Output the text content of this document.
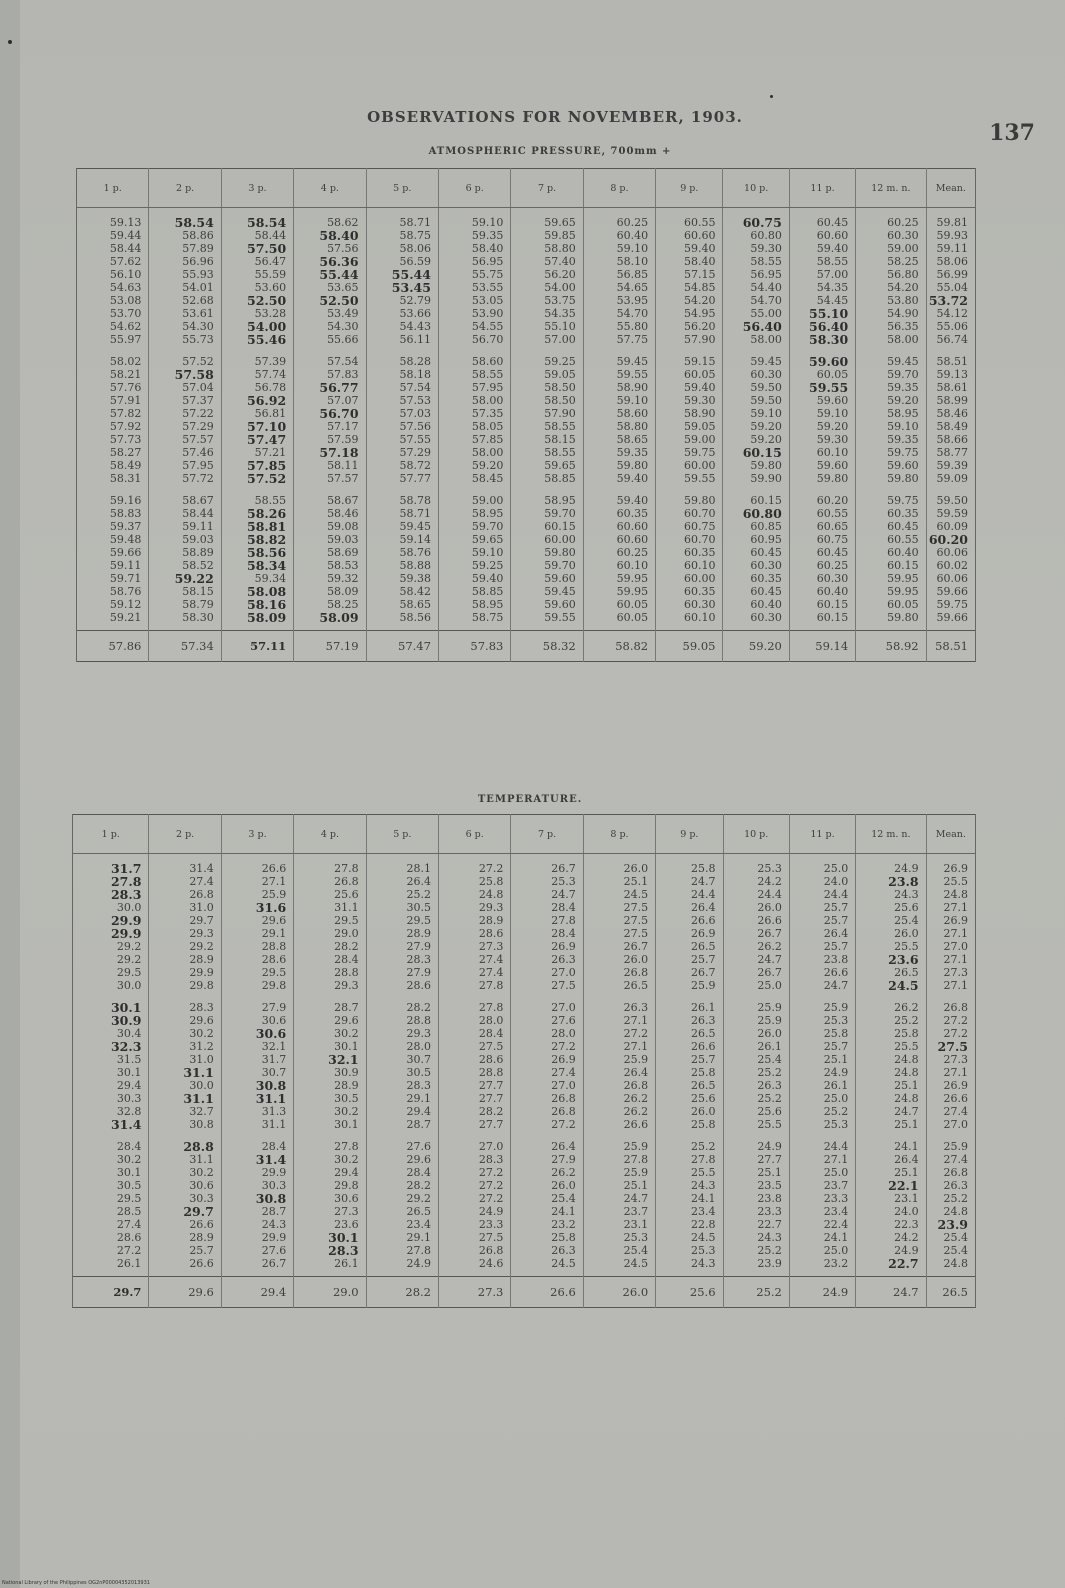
OBSERVATIONS FOR NOVEMBER, 1903.
137
ATMOSPHERIC PRESSURE, 700mm +
1 p.	2 p.	3 p.	4 p.	5 p.	6 p.	7 p.	8 p.	9 p.	10 p.	11 p.	12 m. n.	Mean.
59.13	58.54	58.54	58.62	58.71	59.10	59.65	60.25	60.55	60.75	60.45	60.25	59.81
59.44	58.86	58.44	58.40	58.75	59.35	59.85	60.40	60.60	60.80	60.60	60.30	59.93
58.44	57.89	57.50	57.56	58.06	58.40	58.80	59.10	59.40	59.30	59.40	59.00	59.11
57.62	56.96	56.47	56.36	56.59	56.95	57.40	58.10	58.40	58.55	58.55	58.25	58.06
56.10	55.93	55.59	55.44	55.44	55.75	56.20	56.85	57.15	56.95	57.00	56.80	56.99
54.63	54.01	53.60	53.65	53.45	53.55	54.00	54.65	54.85	54.40	54.35	54.20	55.04
53.08	52.68	52.50	52.50	52.79	53.05	53.75	53.95	54.20	54.70	54.45	53.80	53.72
53.70	53.61	53.28	53.49	53.66	53.90	54.35	54.70	54.95	55.00	55.10	54.90	54.12
54.62	54.30	54.00	54.30	54.43	54.55	55.10	55.80	56.20	56.40	56.40	56.35	55.06
55.97	55.73	55.46	55.66	56.11	56.70	57.00	57.75	57.90	58.00	58.30	58.00	56.74
58.02	57.52	57.39	57.54	58.28	58.60	59.25	59.45	59.15	59.45	59.60	59.45	58.51
58.21	57.58	57.74	57.83	58.18	58.55	59.05	59.55	60.05	60.30	60.05	59.70	59.13
57.76	57.04	56.78	56.77	57.54	57.95	58.50	58.90	59.40	59.50	59.55	59.35	58.61
57.91	57.37	56.92	57.07	57.53	58.00	58.50	59.10	59.30	59.50	59.60	59.20	58.99
57.82	57.22	56.81	56.70	57.03	57.35	57.90	58.60	58.90	59.10	59.10	58.95	58.46
57.92	57.29	57.10	57.17	57.56	58.05	58.55	58.80	59.05	59.20	59.20	59.10	58.49
57.73	57.57	57.47	57.59	57.55	57.85	58.15	58.65	59.00	59.20	59.30	59.35	58.66
58.27	57.46	57.21	57.18	57.29	58.00	58.55	59.35	59.75	60.15	60.10	59.75	58.77
58.49	57.95	57.85	58.11	58.72	59.20	59.65	59.80	60.00	59.80	59.60	59.60	59.39
58.31	57.72	57.52	57.57	57.77	58.45	58.85	59.40	59.55	59.90	59.80	59.80	59.09
59.16	58.67	58.55	58.67	58.78	59.00	58.95	59.40	59.80	60.15	60.20	59.75	59.50
58.83	58.44	58.26	58.46	58.71	58.95	59.70	60.35	60.70	60.80	60.55	60.35	59.59
59.37	59.11	58.81	59.08	59.45	59.70	60.15	60.60	60.75	60.85	60.65	60.45	60.09
59.48	59.03	58.82	59.03	59.14	59.65	60.00	60.60	60.70	60.95	60.75	60.55	60.20
59.66	58.89	58.56	58.69	58.76	59.10	59.80	60.25	60.35	60.45	60.45	60.40	60.06
59.11	58.52	58.34	58.53	58.88	59.25	59.70	60.10	60.10	60.30	60.25	60.15	60.02
59.71	59.22	59.34	59.32	59.38	59.40	59.60	59.95	60.00	60.35	60.30	59.95	60.06
58.76	58.15	58.08	58.09	58.42	58.85	59.45	59.95	60.35	60.45	60.40	59.95	59.66
59.12	58.79	58.16	58.25	58.65	58.95	59.60	60.05	60.30	60.40	60.15	60.05	59.75
59.21	58.30	58.09	58.09	58.56	58.75	59.55	60.05	60.10	60.30	60.15	59.80	59.66
57.86	57.34	57.11	57.19	57.47	57.83	58.32	58.82	59.05	59.20	59.14	58.92	58.51
TEMPERATURE.
1 p.	2 p.	3 p.	4 p.	5 p.	6 p.	7 p.	8 p.	9 p.	10 p.	11 p.	12 m. n.	Mean.
31.7	31.4	26.6	27.8	28.1	27.2	26.7	26.0	25.8	25.3	25.0	24.9	26.9
27.8	27.4	27.1	26.8	26.4	25.8	25.3	25.1	24.7	24.2	24.0	23.8	25.5
28.3	26.8	25.9	25.6	25.2	24.8	24.7	24.5	24.4	24.4	24.4	24.3	24.8
30.0	31.0	31.6	31.1	30.5	29.3	28.4	27.5	26.4	26.0	25.7	25.6	27.1
29.9	29.7	29.6	29.5	29.5	28.9	27.8	27.5	26.6	26.6	25.7	25.4	26.9
29.9	29.3	29.1	29.0	28.9	28.6	28.4	27.5	26.9	26.7	26.4	26.0	27.1
29.2	29.2	28.8	28.2	27.9	27.3	26.9	26.7	26.5	26.2	25.7	25.5	27.0
29.2	28.9	28.6	28.4	28.3	27.4	26.3	26.0	25.7	24.7	23.8	23.6	27.1
29.5	29.9	29.5	28.8	27.9	27.4	27.0	26.8	26.7	26.7	26.6	26.5	27.3
30.0	29.8	29.8	29.3	28.6	27.8	27.5	26.5	25.9	25.0	24.7	24.5	27.1
30.1	28.3	27.9	28.7	28.2	27.8	27.0	26.3	26.1	25.9	25.9	26.2	26.8
30.9	29.6	30.6	29.6	28.8	28.0	27.6	27.1	26.3	25.9	25.3	25.2	27.2
30.4	30.2	30.6	30.2	29.3	28.4	28.0	27.2	26.5	26.0	25.8	25.8	27.2
32.3	31.2	32.1	30.1	28.0	27.5	27.2	27.1	26.6	26.1	25.7	25.5	27.5
31.5	31.0	31.7	32.1	30.7	28.6	26.9	25.9	25.7	25.4	25.1	24.8	27.3
30.1	31.1	30.7	30.9	30.5	28.8	27.4	26.4	25.8	25.2	24.9	24.8	27.1
29.4	30.0	30.8	28.9	28.3	27.7	27.0	26.8	26.5	26.3	26.1	25.1	26.9
30.3	31.1	31.1	30.5	29.1	27.7	26.8	26.2	25.6	25.2	25.0	24.8	26.6
32.8	32.7	31.3	30.2	29.4	28.2	26.8	26.2	26.0	25.6	25.2	24.7	27.4
31.4	30.8	31.1	30.1	28.7	27.7	27.2	26.6	25.8	25.5	25.3	25.1	27.0
28.4	28.8	28.4	27.8	27.6	27.0	26.4	25.9	25.2	24.9	24.4	24.1	25.9
30.2	31.1	31.4	30.2	29.6	28.3	27.9	27.8	27.8	27.7	27.1	26.4	27.4
30.1	30.2	29.9	29.4	28.4	27.2	26.2	25.9	25.5	25.1	25.0	25.1	26.8
30.5	30.6	30.3	29.8	28.2	27.2	26.0	25.1	24.3	23.5	23.7	22.1	26.3
29.5	30.3	30.8	30.6	29.2	27.2	25.4	24.7	24.1	23.8	23.3	23.1	25.2
28.5	29.7	28.7	27.3	26.5	24.9	24.1	23.7	23.4	23.3	23.4	24.0	24.8
27.4	26.6	24.3	23.6	23.4	23.3	23.2	23.1	22.8	22.7	22.4	22.3	23.9
28.6	28.9	29.9	30.1	29.1	27.5	25.8	25.3	24.5	24.3	24.1	24.2	25.4
27.2	25.7	27.6	28.3	27.8	26.8	26.3	25.4	25.3	25.2	25.0	24.9	25.4
26.1	26.6	26.7	26.1	24.9	24.6	24.5	24.5	24.3	23.9	23.2	22.7	24.8
29.7	29.6	29.4	29.0	28.2	27.3	26.6	26.0	25.6	25.2	24.9	24.7	26.5
National Library of the Philippines OG2nP00004352013931
